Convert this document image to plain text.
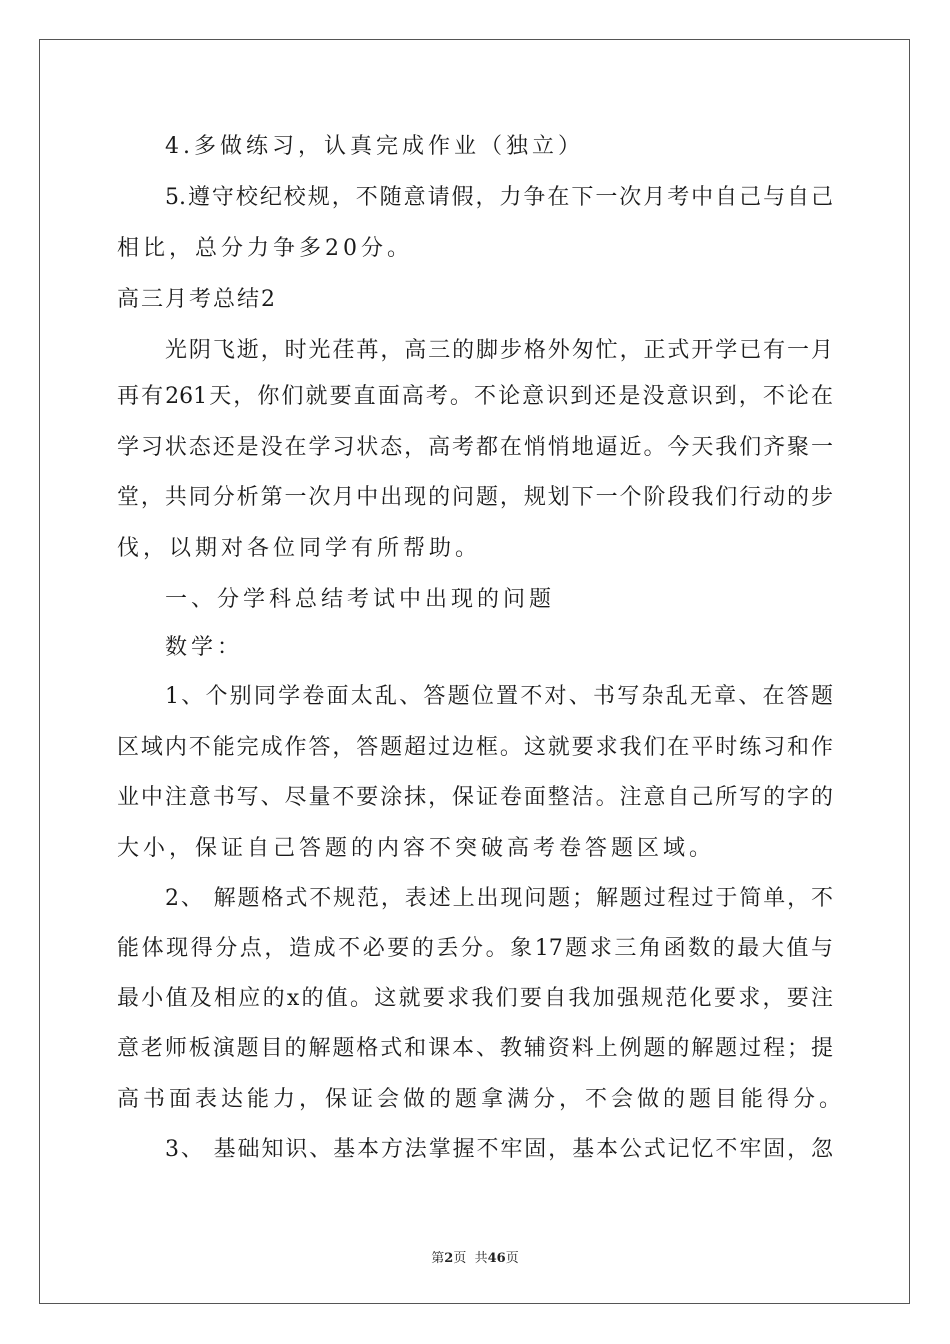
4.多做练习，认真完成作业（独立）
5.遵守校纪校规，不随意请假，力争在下一次月考中自己与自己
相比，总分力争多20分。
高三月考总结2
光阴飞逝，时光荏苒，高三的脚步格外匆忙，正式开学已有一月
再有261天，你们就要直面高考。不论意识到还是没意识到，不论在
学习状态还是没在学习状态，高考都在悄悄地逼近。今天我们齐聚一
堂，共同分析第一次月中出现的问题，规划下一个阶段我们行动的步
伐，以期对各位同学有所帮助。
一、分学科总结考试中出现的问题
数学：
1、个别同学卷面太乱、答题位置不对、书写杂乱无章、在答题
区域内不能完成作答，答题超过边框。这就要求我们在平时练习和作
业中注意书写、尽量不要涂抹，保证卷面整洁。注意自己所写的字的
大小，保证自己答题的内容不突破高考卷答题区域。
2、 解题格式不规范，表述上出现问题；解题过程过于简单，不
能体现得分点，造成不必要的丢分。象17题求三角函数的最大值与
最小值及相应的x的值。这就要求我们要自我加强规范化要求，要注
意老师板演题目的解题格式和课本、教辅资料上例题的解题过程；提
高书面表达能力，保证会做的题拿满分，不会做的题目能得分。
3、 基础知识、基本方法掌握不牢固，基本公式记忆不牢固，忽
第2页  共46页
